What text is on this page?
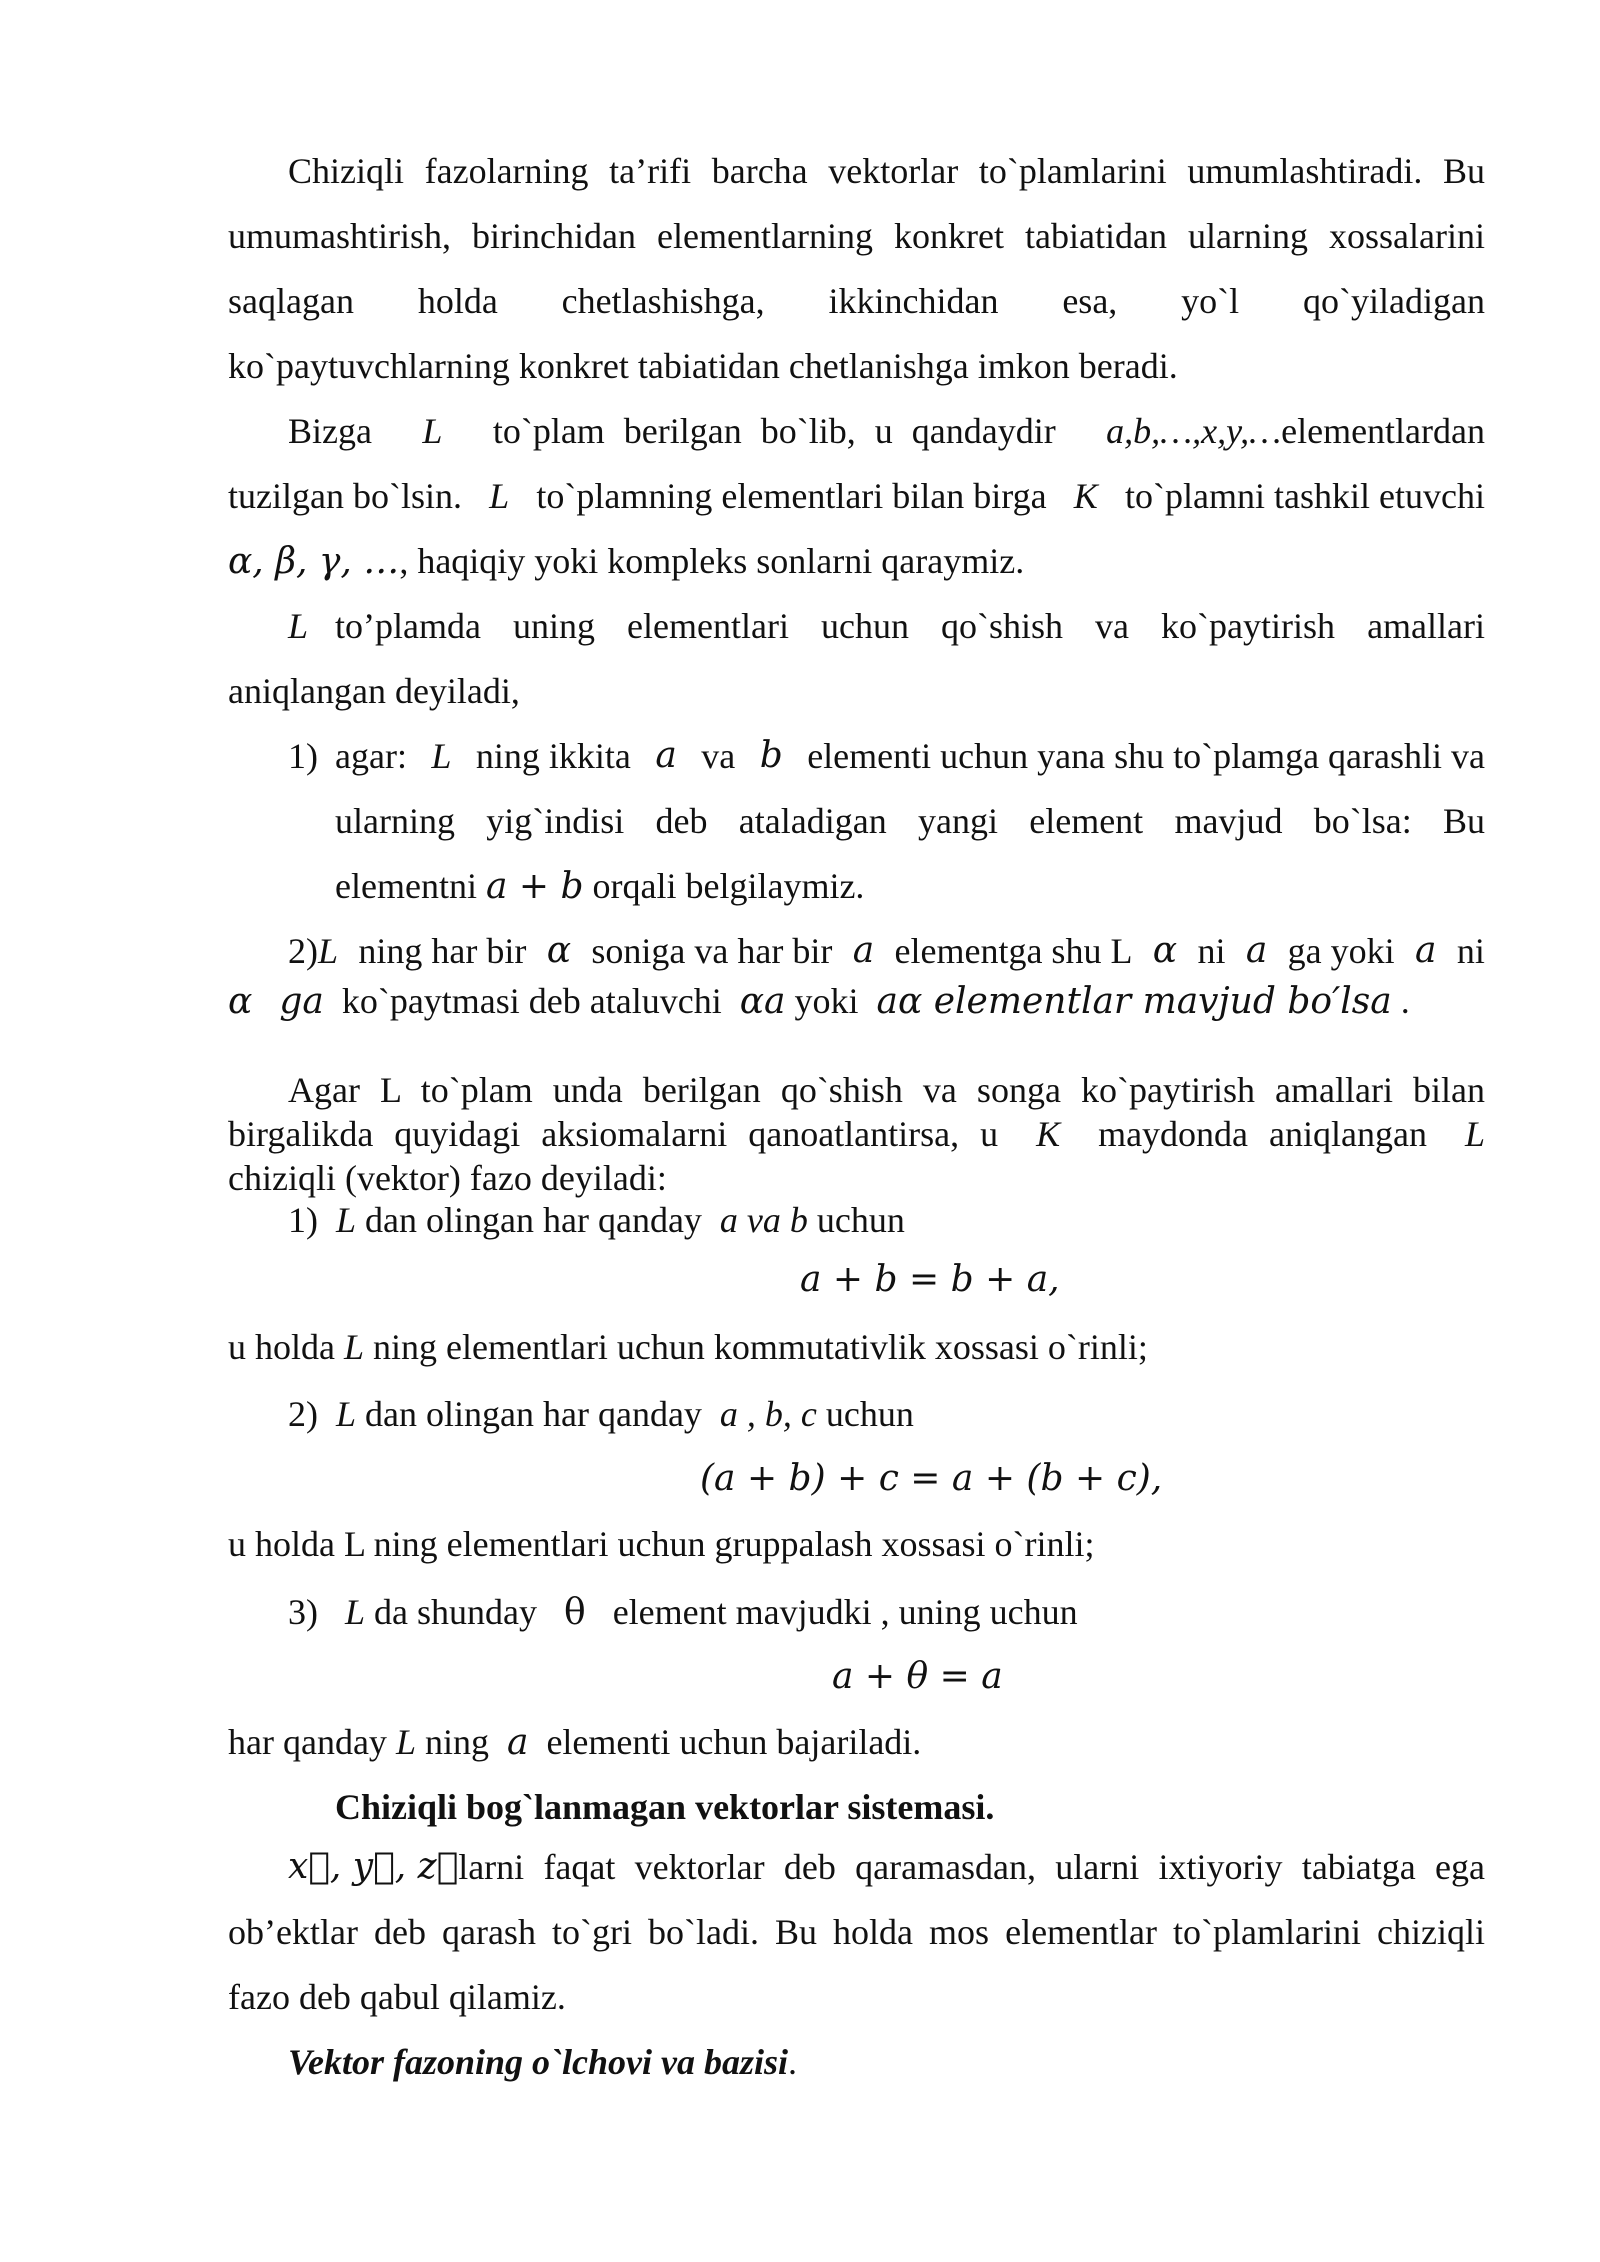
Chiziqli fazolarning ta’rifi barcha vektorlar to`plamlarini umumlashtiradi. Bu
umumashtirish, birinchidan elementlarning konkret tabiatidan ularning xossalarini
saqlagan holda chetlashishga, ikkinchidan esa, yo`l qo`yiladigan
ko`paytuvchlarning konkret tabiatidan chetlanishga imkon beradi.
Bizga L to`plam berilgan bo`lib, u qandaydir a,b,…,x,y,…elementlardan
tuzilgan bo`lsin. L to`plamning elementlari bilan birga K to`plamni tashkil etuvchi
α, β, γ, …, haqiqiy yoki kompleks sonlarni qaraymiz.
L to’plamda uning elementlari uchun qo`shish va ko`paytirish amallari
aniqlangan deyiladi,
1) agar: L ning ikkita a va b elementi uchun yana shu to`plamga qarashli va
ularning yig`indisi deb ataladigan yangi element mavjud bo`lsa: Bu
elementni a + b orqali belgilaymiz.
2)L ning har bir α soniga va har bir a elementga shu L α ni a ga yoki a ni
α ga ko`paytmasi deb ataluvchi αa yoki aα elementlar mavjud bo′lsa .
Agar L to`plam unda berilgan qo`shish va songa ko`paytirish amallari bilan
birgalikda quyidagi aksiomalarni qanoatlantirsa, u K maydonda aniqlangan L
chiziqli (vektor) fazo deyiladi:
1) L dan olingan har qanday a va b uchun
a + b = b + a,
u holda L ning elementlari uchun kommutativlik xossasi o`rinli;
2) L dan olingan har qanday a , b, c uchun
(a + b) + c = a + (b + c),
u holda L ning elementlari uchun gruppalash xossasi o`rinli;
3) L da shunday θ element mavjudki , uning uchun
a + θ = a
har qanday L ning a elementi uchun bajariladi.
Chiziqli bog`lanmagan vektorlar sistemasi.
x⃗, y⃗, z⃗ larni faqat vektorlar deb qaramasdan, ularni ixtiyoriy tabiatga ega
ob’ektlar deb qarash to`gri bo`ladi. Bu holda mos elementlar to`plamlarini chiziqli
fazo deb qabul qilamiz.
Vektor fazoning o`lchovi va bazisi.
